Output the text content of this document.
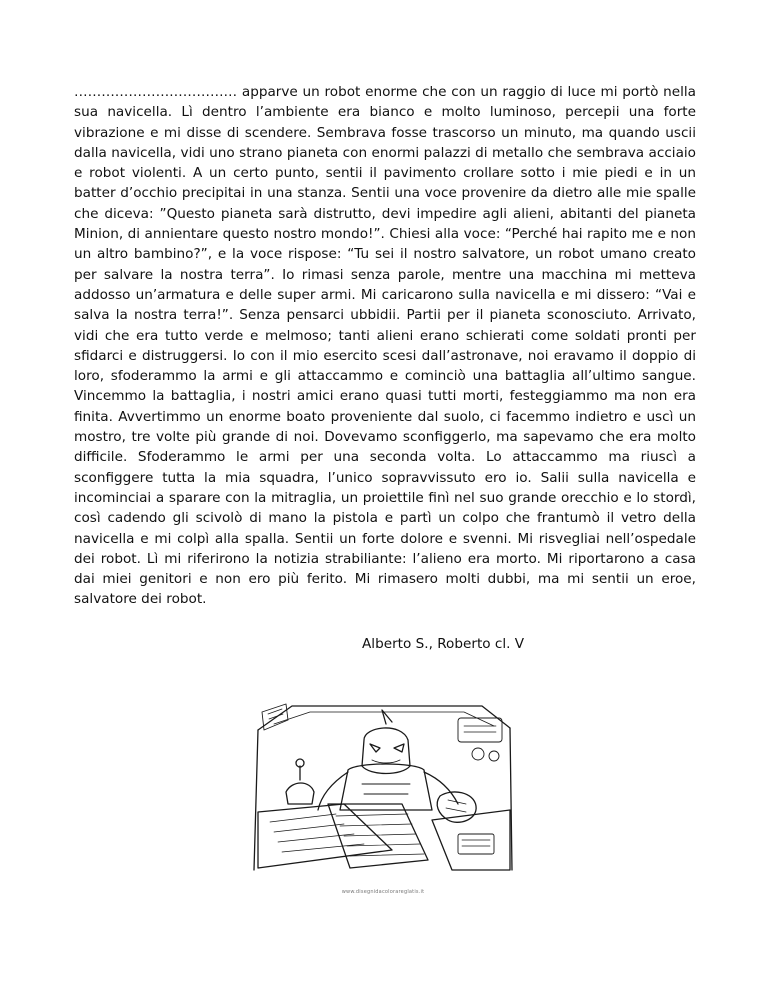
……………………………… apparve un robot enorme che con un raggio di luce mi portò nella sua navicella. Lì dentro l’ambiente era bianco e molto luminoso, percepii una forte vibrazione e mi disse di scendere. Sembrava fosse trascorso un minuto, ma quando uscii dalla navicella, vidi uno strano pianeta con enormi palazzi di metallo che sembrava acciaio e robot violenti. A un certo punto, sentii il pavimento crollare sotto i mie piedi e in un batter d’occhio precipitai in una stanza. Sentii una voce provenire da dietro alle mie spalle che diceva: ”Questo pianeta sarà distrutto, devi impedire agli alieni, abitanti del pianeta Minion, di annientare questo nostro mondo!”. Chiesi alla voce: “Perché hai rapito me e non un altro bambino?”, e la voce rispose: “Tu sei il nostro salvatore, un robot umano creato per salvare la nostra terra”. Io rimasi senza parole, mentre una macchina mi metteva addosso un’armatura e delle super armi. Mi caricarono sulla navicella e mi dissero: “Vai e salva la nostra terra!”. Senza pensarci ubbidii. Partii per il pianeta sconosciuto. Arrivato, vidi che era tutto verde e melmoso; tanti alieni erano schierati come soldati pronti per sfidarci e distruggersi. Io con il mio esercito scesi dall’astronave, noi eravamo il doppio di loro, sfoderammo la armi e gli attaccammo e cominciò una battaglia all’ultimo sangue. Vincemmo la battaglia, i nostri amici erano quasi tutti morti, festeggiammo ma non era finita. Avvertimmo un enorme boato proveniente dal suolo, ci facemmo indietro e uscì un mostro, tre volte più grande di noi. Dovevamo sconfiggerlo, ma sapevamo che era molto difficile. Sfoderammo le armi per una seconda volta. Lo attaccammo ma riuscì a sconfiggere tutta la mia squadra, l’unico sopravvissuto ero io. Salii sulla navicella e incominciai a sparare con la mitraglia, un proiettile finì nel suo grande orecchio e lo stordì, così cadendo gli scivolò di mano la pistola e partì un colpo che frantumò il vetro della navicella e mi colpì alla spalla. Sentii un forte dolore e svenni. Mi risvegliai nell’ospedale dei robot. Lì mi riferirono la notizia strabiliante: l’alieno era morto. Mi riportarono a casa dai miei genitori e non ero più ferito. Mi rimasero molti dubbi, ma mi sentii un eroe, salvatore dei robot.

Alberto S., Roberto cl. V
www.disegnidacolorareglatis.it
